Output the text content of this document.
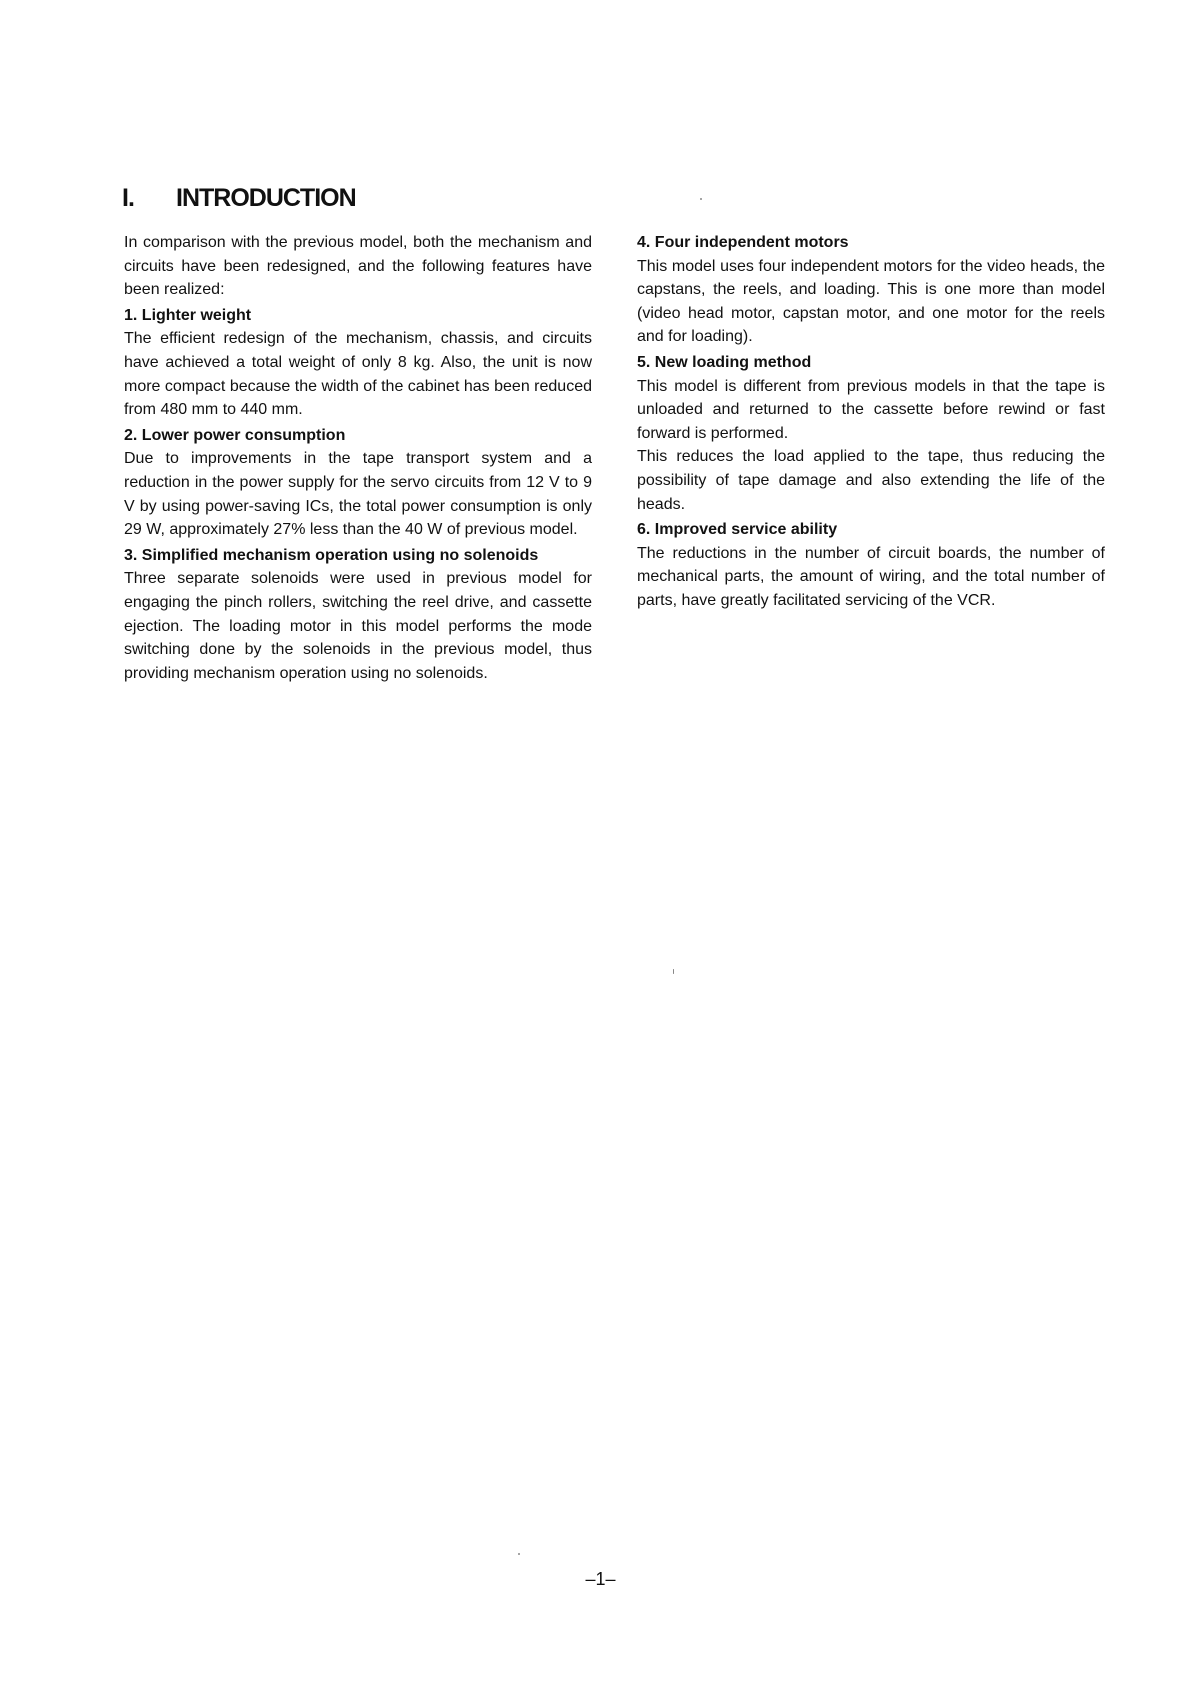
I. INTRODUCTION

In comparison with the previous model, both the mechanism and circuits have been redesigned, and the following features have been realized:

1. Lighter weight

The efficient redesign of the mechanism, chassis, and circuits have achieved a total weight of only 8 kg. Also, the unit is now more compact because the width of the cabinet has been reduced from 480 mm to 440 mm.

2. Lower power consumption

Due to improvements in the tape transport system and a reduction in the power supply for the servo circuits from 12 V to 9 V by using power-saving ICs, the total power consumption is only 29 W, approximately 27% less than the 40 W of previous model.

3. Simplified mechanism operation using no solenoids

Three separate solenoids were used in previous model for engaging the pinch rollers, switching the reel drive, and cassette ejection. The loading motor in this model performs the mode switching done by the solenoids in the previous model, thus providing mechanism operation using no solenoids.

4. Four independent motors

This model uses four independent motors for the video heads, the capstans, the reels, and loading. This is one more than model (video head motor, capstan motor, and one motor for the reels and for loading).

5. New loading method

This model is different from previous models in that the tape is unloaded and returned to the cassette before rewind or fast forward is performed.

This reduces the load applied to the tape, thus reducing the possibility of tape damage and also extending the life of the heads.

6. Improved service ability

The reductions in the number of circuit boards, the number of mechanical parts, the amount of wiring, and the total number of parts, have greatly facilitated servicing of the VCR.

–1–
